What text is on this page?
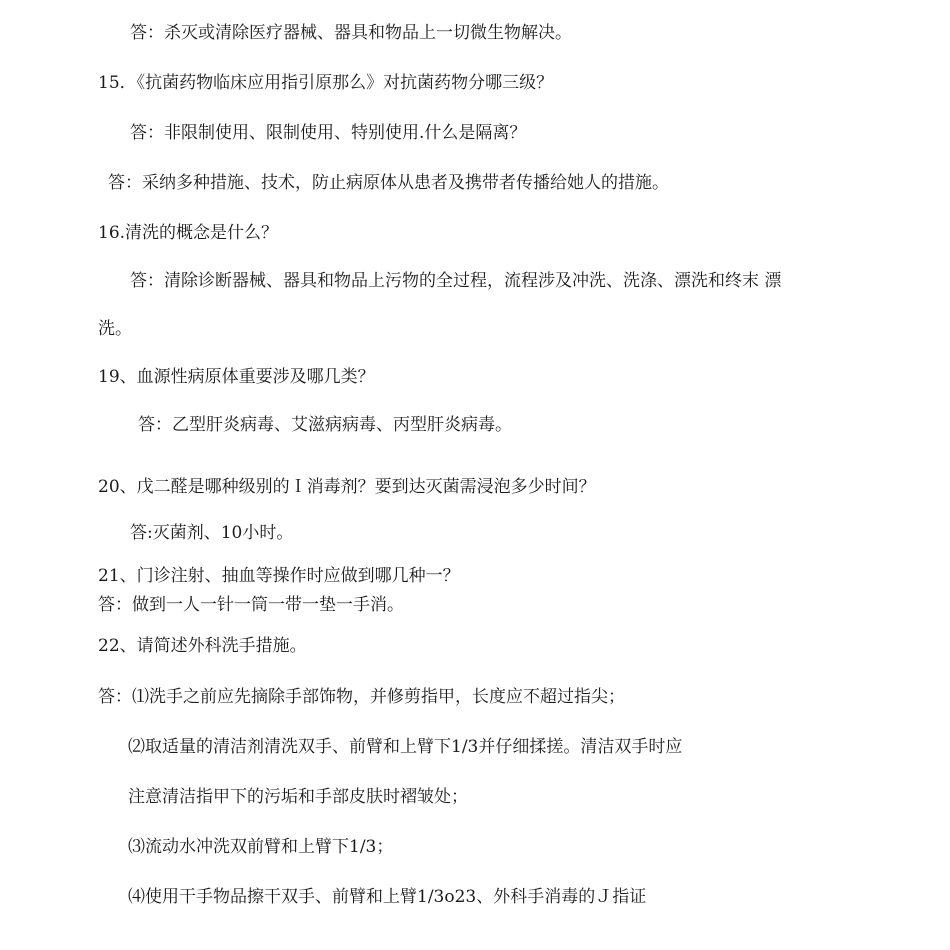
答：杀灭或清除医疗器械、器具和物品上一切微生物解决。
15．《抗菌药物临床应用指引原那么》对抗菌药物分哪三级？
答：非限制使用、限制使用、特别使用.什么是隔离？
答：采纳多种措施、技术，防止病原体从患者及携带者传播给她人的措施。
16.清洗的概念是什么？
答：清除诊断器械、器具和物品上污物的全过程，流程涉及冲洗、洗涤、漂洗和终末 漂
洗。
19、血源性病原体重要涉及哪几类？
答：乙型肝炎病毒、艾滋病病毒、丙型肝炎病毒。
20、戊二醛是哪种级别的Ｉ消毒剂？要到达灭菌需浸泡多少时间？
答:灭菌剂、10小时。
21、门诊注射、抽血等操作时应做到哪几种一？
答：做到一人一针一筒一带一垫一手消。
22、请简述外科洗手措施。
答：⑴洗手之前应先摘除手部饰物，并修剪指甲，长度应不超过指尖；
⑵取适量的清洁剂清洗双手、前臂和上臂下1/3并仔细揉搓。清洁双手时应
注意清洁指甲下的污垢和手部皮肤时褶皱处；
⑶流动水冲洗双前臂和上臂下1/3；
⑷使用干手物品擦干双手、前臂和上臂1/3o23、外科手消毒的Ｊ指证
